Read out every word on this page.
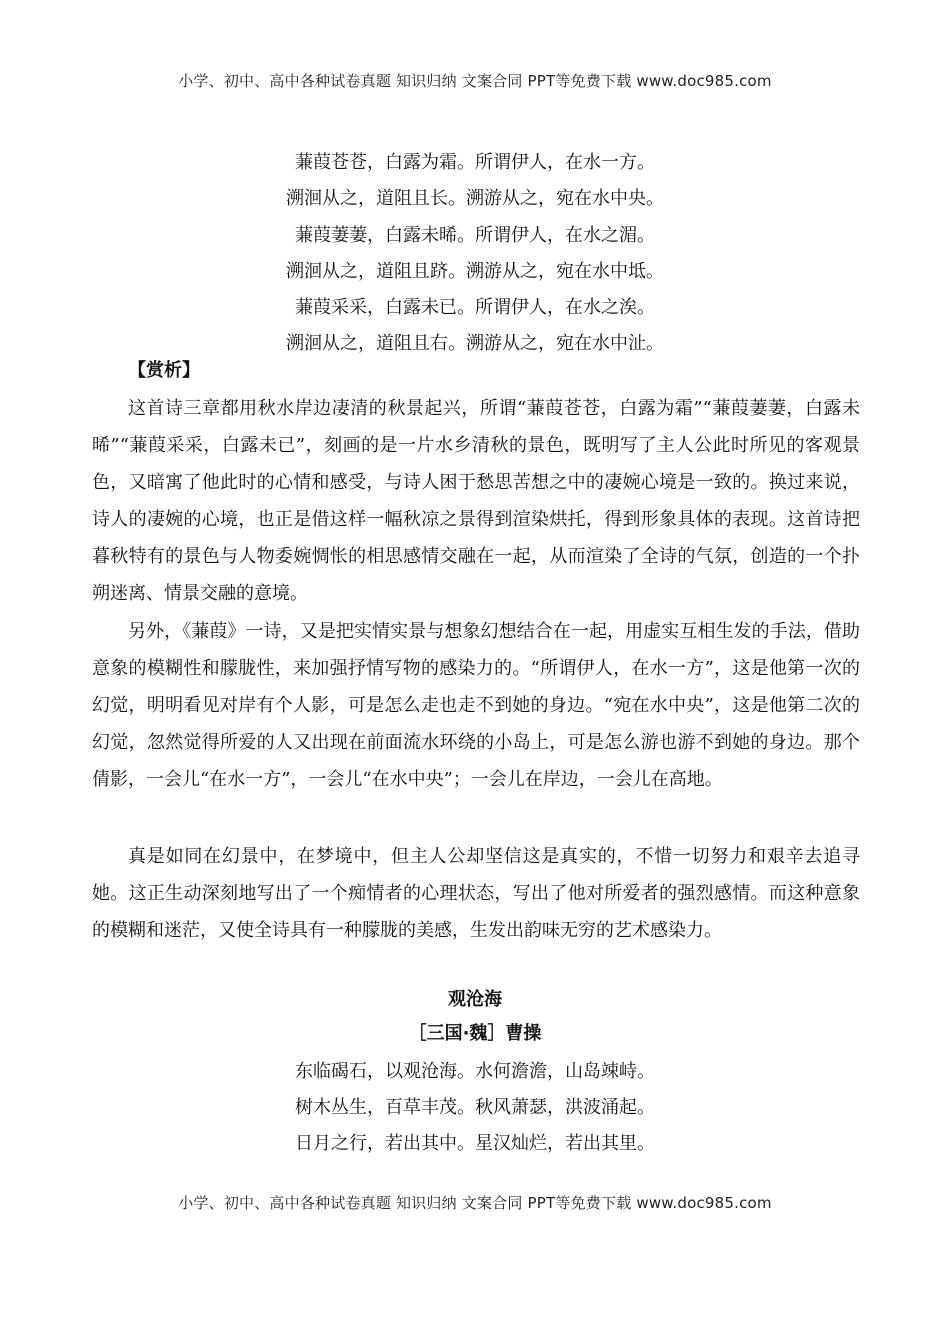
小学、初中、高中各种试卷真题 知识归纳 文案合同 PPT等免费下载 www.doc985.com
蒹葭苍苍，白露为霜。所谓伊人，在水一方。
溯洄从之，道阻且长。溯游从之，宛在水中央。
蒹葭萋萋，白露未晞。所谓伊人，在水之湄。
溯洄从之，道阻且跻。溯游从之，宛在水中坻。
蒹葭采采，白露未已。所谓伊人，在水之涘。
溯洄从之，道阻且右。溯游从之，宛在水中沚。
【赏析】

这首诗三章都用秋水岸边凄清的秋景起兴，所谓“蒹葭苍苍，白露为霜”“蒹葭萋萋，白露未晞”“蒹葭采采，白露未已”，刻画的是一片水乡清秋的景色，既明写了主人公此时所见的客观景色，又暗寓了他此时的心情和感受，与诗人困于愁思苦想之中的凄婉心境是一致的。换过来说，诗人的凄婉的心境，也正是借这样一幅秋凉之景得到渲染烘托，得到形象具体的表现。这首诗把暮秋特有的景色与人物委婉惆怅的相思感情交融在一起，从而渲染了全诗的气氛，创造的一个扑朔迷离、情景交融的意境。

另外，《蒹葭》一诗，又是把实情实景与想象幻想结合在一起，用虚实互相生发的手法，借助意象的模糊性和朦胧性，来加强抒情写物的感染力的。“所谓伊人，在水一方”，这是他第一次的幻觉，明明看见对岸有个人影，可是怎么走也走不到她的身边。“宛在水中央”，这是他第二次的幻觉，忽然觉得所爱的人又出现在前面流水环绕的小岛上，可是怎么游也游不到她的身边。那个倩影，一会儿“在水一方”，一会儿“在水中央”；一会儿在岸边，一会儿在高地。

真是如同在幻景中，在梦境中，但主人公却坚信这是真实的，不惜一切努力和艰辛去追寻她。这正生动深刻地写出了一个痴情者的心理状态，写出了他对所爱者的强烈感情。而这种意象的模糊和迷茫，又使全诗具有一种朦胧的美感，生发出韵味无穷的艺术感染力。

观沧海
［三国·魏］曹操
东临碣石，以观沧海。水何澹澹，山岛竦峙。
树木丛生，百草丰茂。秋风萧瑟，洪波涌起。
日月之行，若出其中。星汉灿烂，若出其里。
小学、初中、高中各种试卷真题 知识归纳 文案合同 PPT等免费下载 www.doc985.com
